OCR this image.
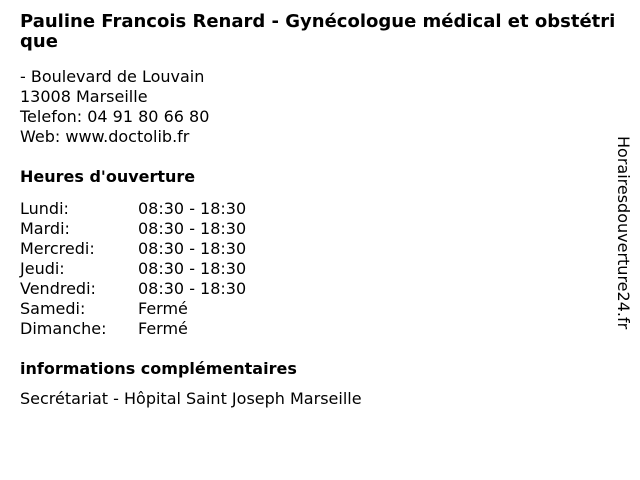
Pauline Francois Renard - Gynécologue médical et obstétrique
- Boulevard de Louvain
13008 Marseille
Telefon: 04 91 80 66 80
Web: www.doctolib.fr
Heures d'ouverture
Lundi:	08:30 - 18:30
Mardi:	08:30 - 18:30
Mercredi:	08:30 - 18:30
Jeudi:	08:30 - 18:30
Vendredi:	08:30 - 18:30
Samedi:	Fermé
Dimanche: Fermé
informations complémentaires
Secrétariat - Hôpital Saint Joseph Marseille
Horairesdouverture24.fr
